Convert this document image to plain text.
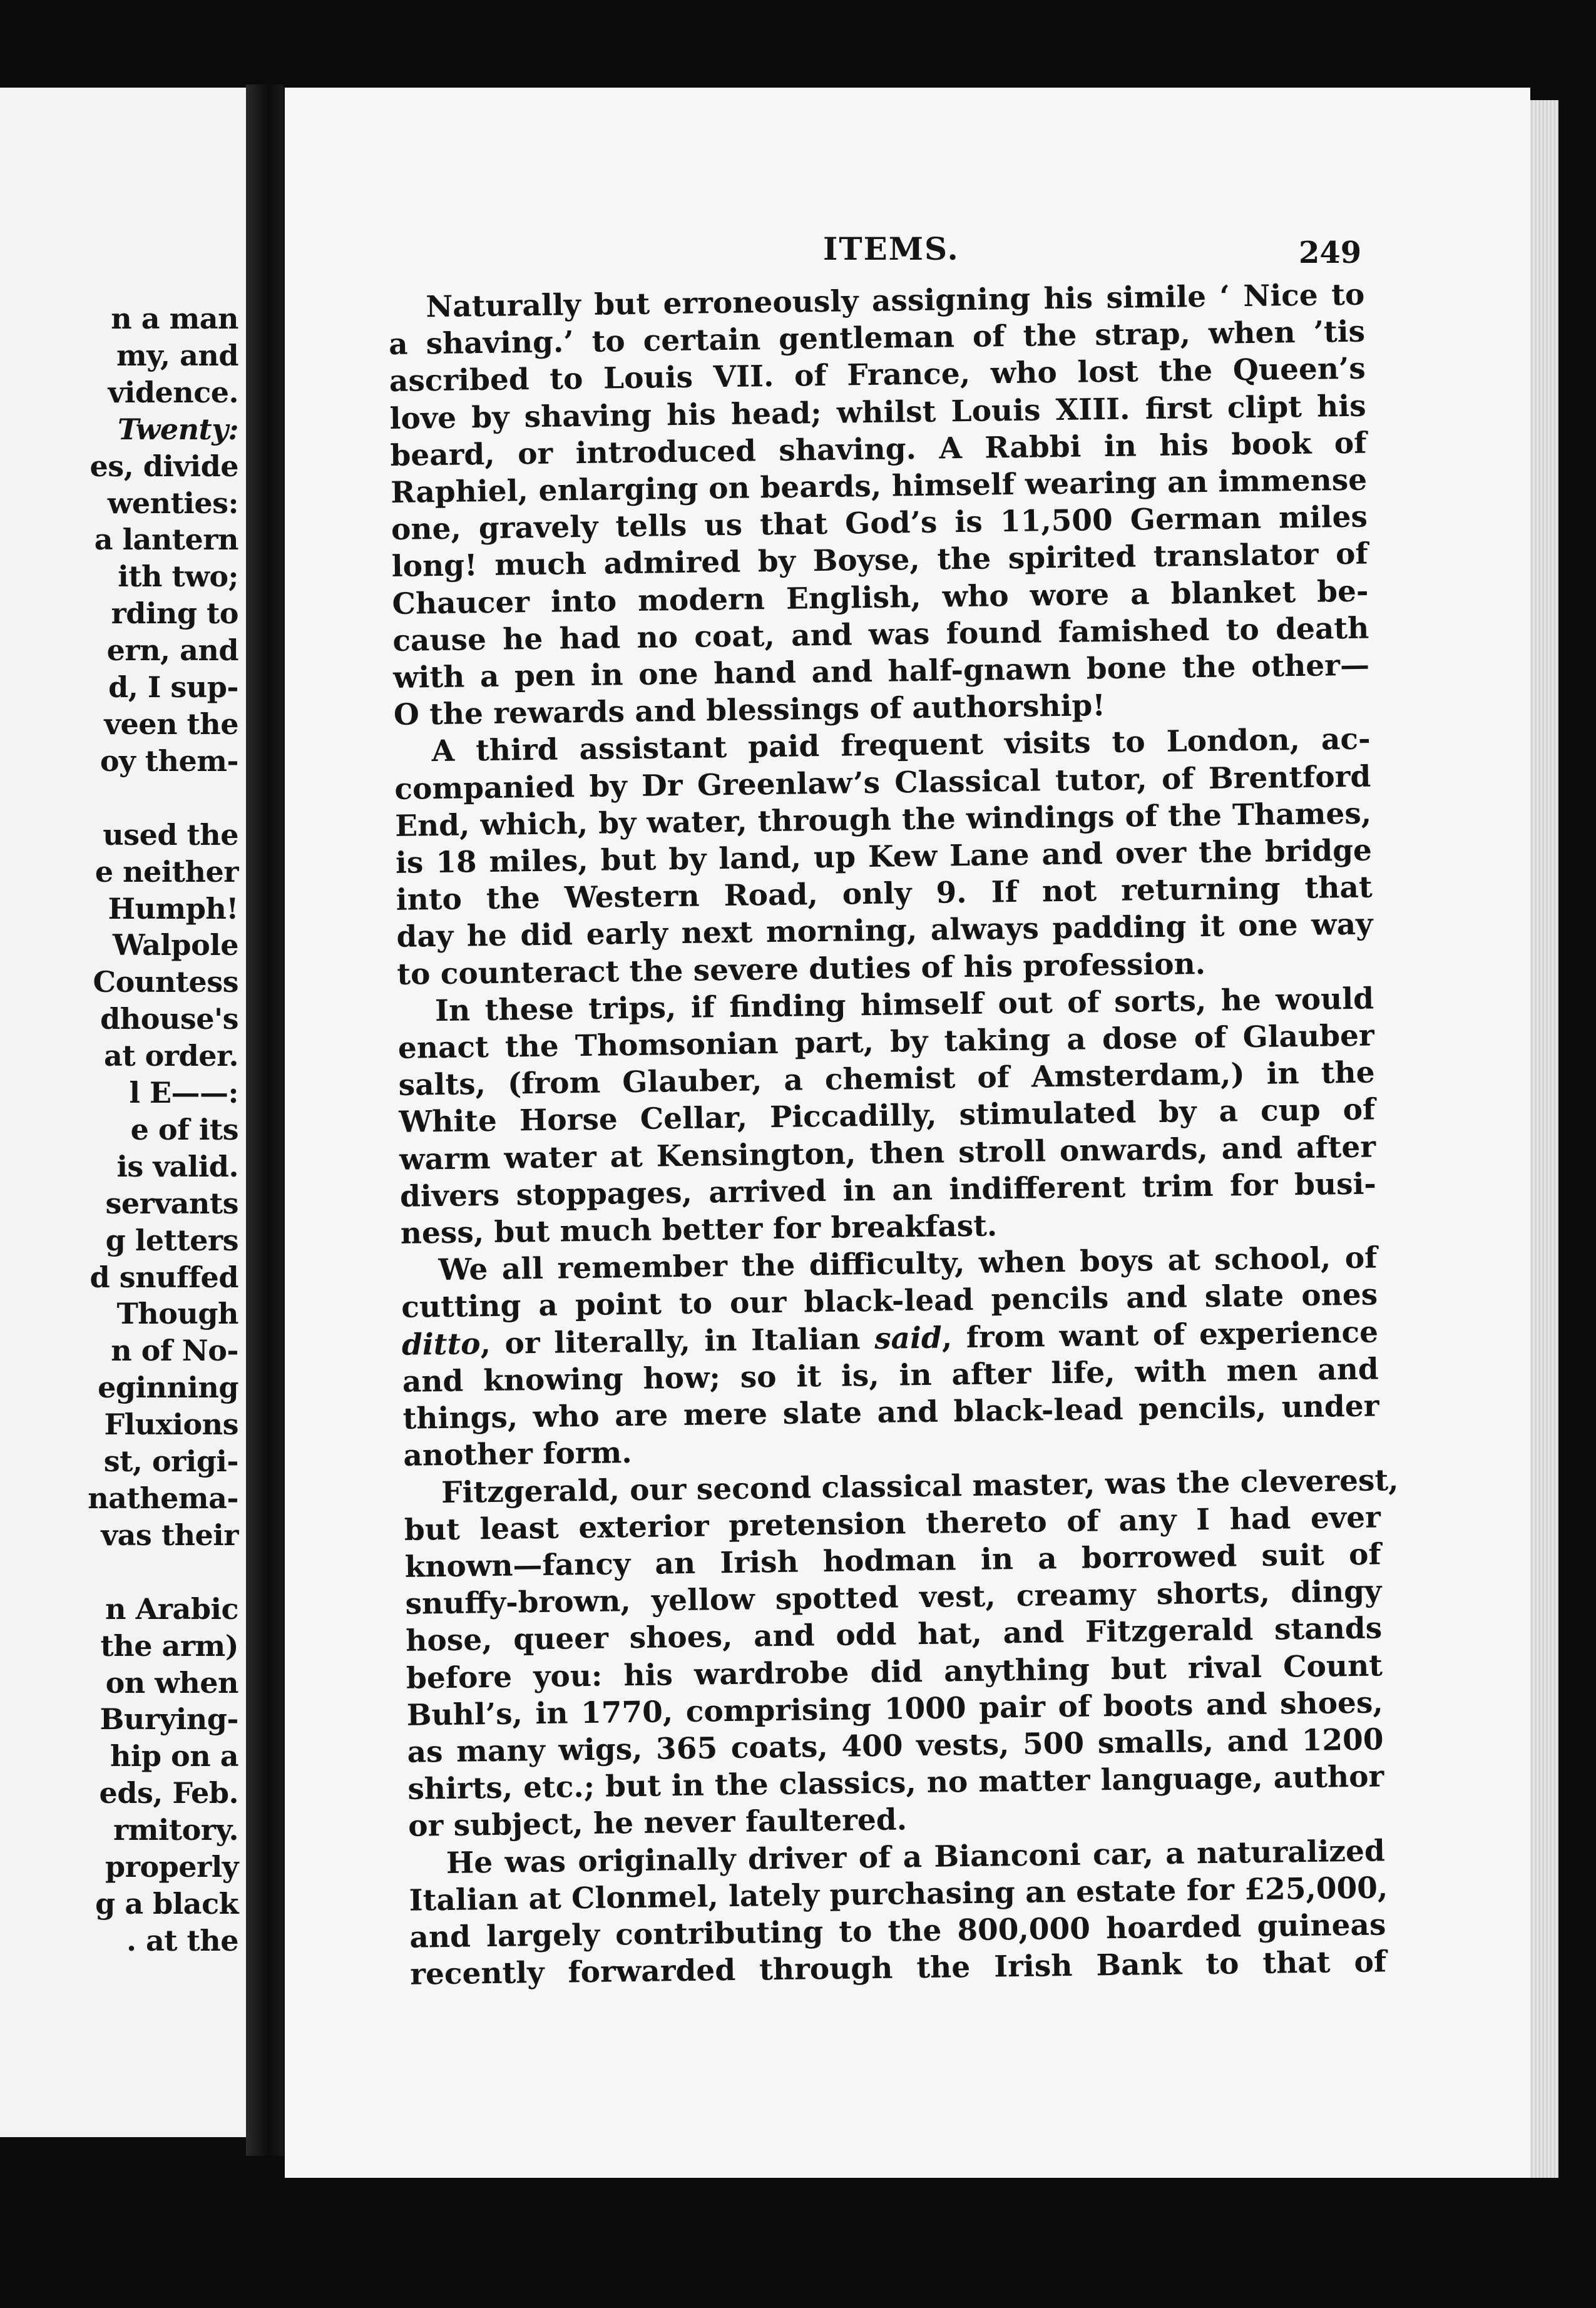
n a man
my, and
vidence.
Twenty:
es, divide
wenties:
a lantern
ith two;
rding to
ern, and
d, I sup-
veen the
oy them-

used the
e neither
Humph!
Walpole
Countess
dhouse's
at order.
l E——:
e of its
is valid.
servants
g letters
d snuffed
Though
n of No-
eginning
Fluxions
st, origi-
nathema-
vas their

n Arabic
the arm)
on when
Burying-
hip on a
eds, Feb.
rmitory.
properly
g a black
. at the
ITEMS.	249
Naturally but erroneously assigning his simile ‘ Nice to
a shaving.’ to certain gentleman of the strap, when ’tis
ascribed to Louis VII. of France, who lost the Queen’s
love by shaving his head; whilst Louis XIII. first clipt his
beard, or introduced shaving. A Rabbi in his book of
Raphiel, enlarging on beards, himself wearing an immense
one, gravely tells us that God’s is 11,500 German miles
long! much admired by Boyse, the spirited translator of
Chaucer into modern English, who wore a blanket be-
cause he had no coat, and was found famished to death
with a pen in one hand and half-gnawn bone the other—
O the rewards and blessings of authorship!
A third assistant paid frequent visits to London, ac-
companied by Dr Greenlaw’s Classical tutor, of Brentford
End, which, by water, through the windings of the Thames,
is 18 miles, but by land, up Kew Lane and over the bridge
into the Western Road, only 9. If not returning that
day he did early next morning, always padding it one way
to counteract the severe duties of his profession.
In these trips, if finding himself out of sorts, he would
enact the Thomsonian part, by taking a dose of Glauber
salts, (from Glauber, a chemist of Amsterdam,) in the
White Horse Cellar, Piccadilly, stimulated by a cup of
warm water at Kensington, then stroll onwards, and after
divers stoppages, arrived in an indifferent trim for busi-
ness, but much better for breakfast.
We all remember the difficulty, when boys at school, of
cutting a point to our black-lead pencils and slate ones
ditto, or literally, in Italian said, from want of experience
and knowing how; so it is, in after life, with men and
things, who are mere slate and black-lead pencils, under
another form.
Fitzgerald, our second classical master, was the cleverest,
but least exterior pretension thereto of any I had ever
known—fancy an Irish hodman in a borrowed suit of
snuffy-brown, yellow spotted vest, creamy shorts, dingy
hose, queer shoes, and odd hat, and Fitzgerald stands
before you: his wardrobe did anything but rival Count
Buhl’s, in 1770, comprising 1000 pair of boots and shoes,
as many wigs, 365 coats, 400 vests, 500 smalls, and 1200
shirts, etc.; but in the classics, no matter language, author
or subject, he never faultered.
He was originally driver of a Bianconi car, a naturalized
Italian at Clonmel, lately purchasing an estate for £25,000,
and largely contributing to the 800,000 hoarded guineas
recently forwarded through the Irish Bank to that of
